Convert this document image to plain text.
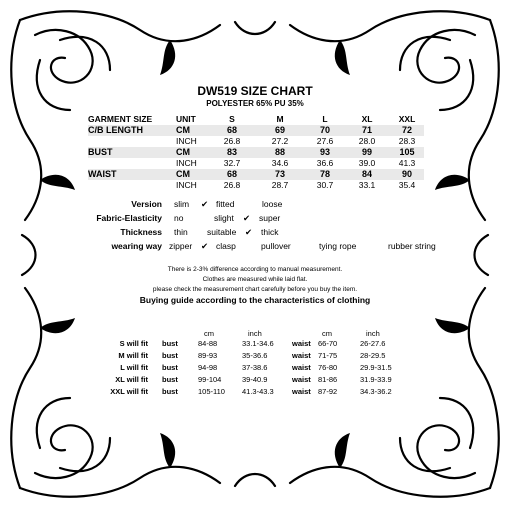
DW519 SIZE CHART
POLYESTER 65% PU 35%
GARMENT SIZE	UNIT	S	M	L	XL	XXL
C/B LENGTH	CM	68	69	70	71	72
INCH	26.8	27.2	27.6	28.0	28.3
BUST	CM	83	88	93	99	105
INCH	32.7	34.6	36.6	39.0	41.3
WAIST	CM	68	73	78	84	90
INCH	26.8	28.7	30.7	33.1	35.4
Version slim ✔ fitted	loose
Fabric-Elasticity no	slight ✔ super
Thickness thin suitable ✔ thick
wearing way zipper ✔ clasp	pullover	tying rope	rubber string
There is 2-3% difference according to manual measurement.
Clothes are measured while laid flat.
please check the measurement chart carefully before you buy the item.
Buying guide according to the characteristics of clothing
cm	inch	cm	inch
S will fit bust	84-88	33.1-34.6 waist 66-70	26-27.6
M will fit bust	89-93	35-36.6	waist 71-75	28-29.5
L will fit bust	94-98	37-38.6	waist 76-80	29.9-31.5
XL will fit bust	99-104	39-40.9	waist 81-86	31.9-33.9
XXL will fit bust	105-110 41.3-43.3 waist 87-92	34.3-36.2
